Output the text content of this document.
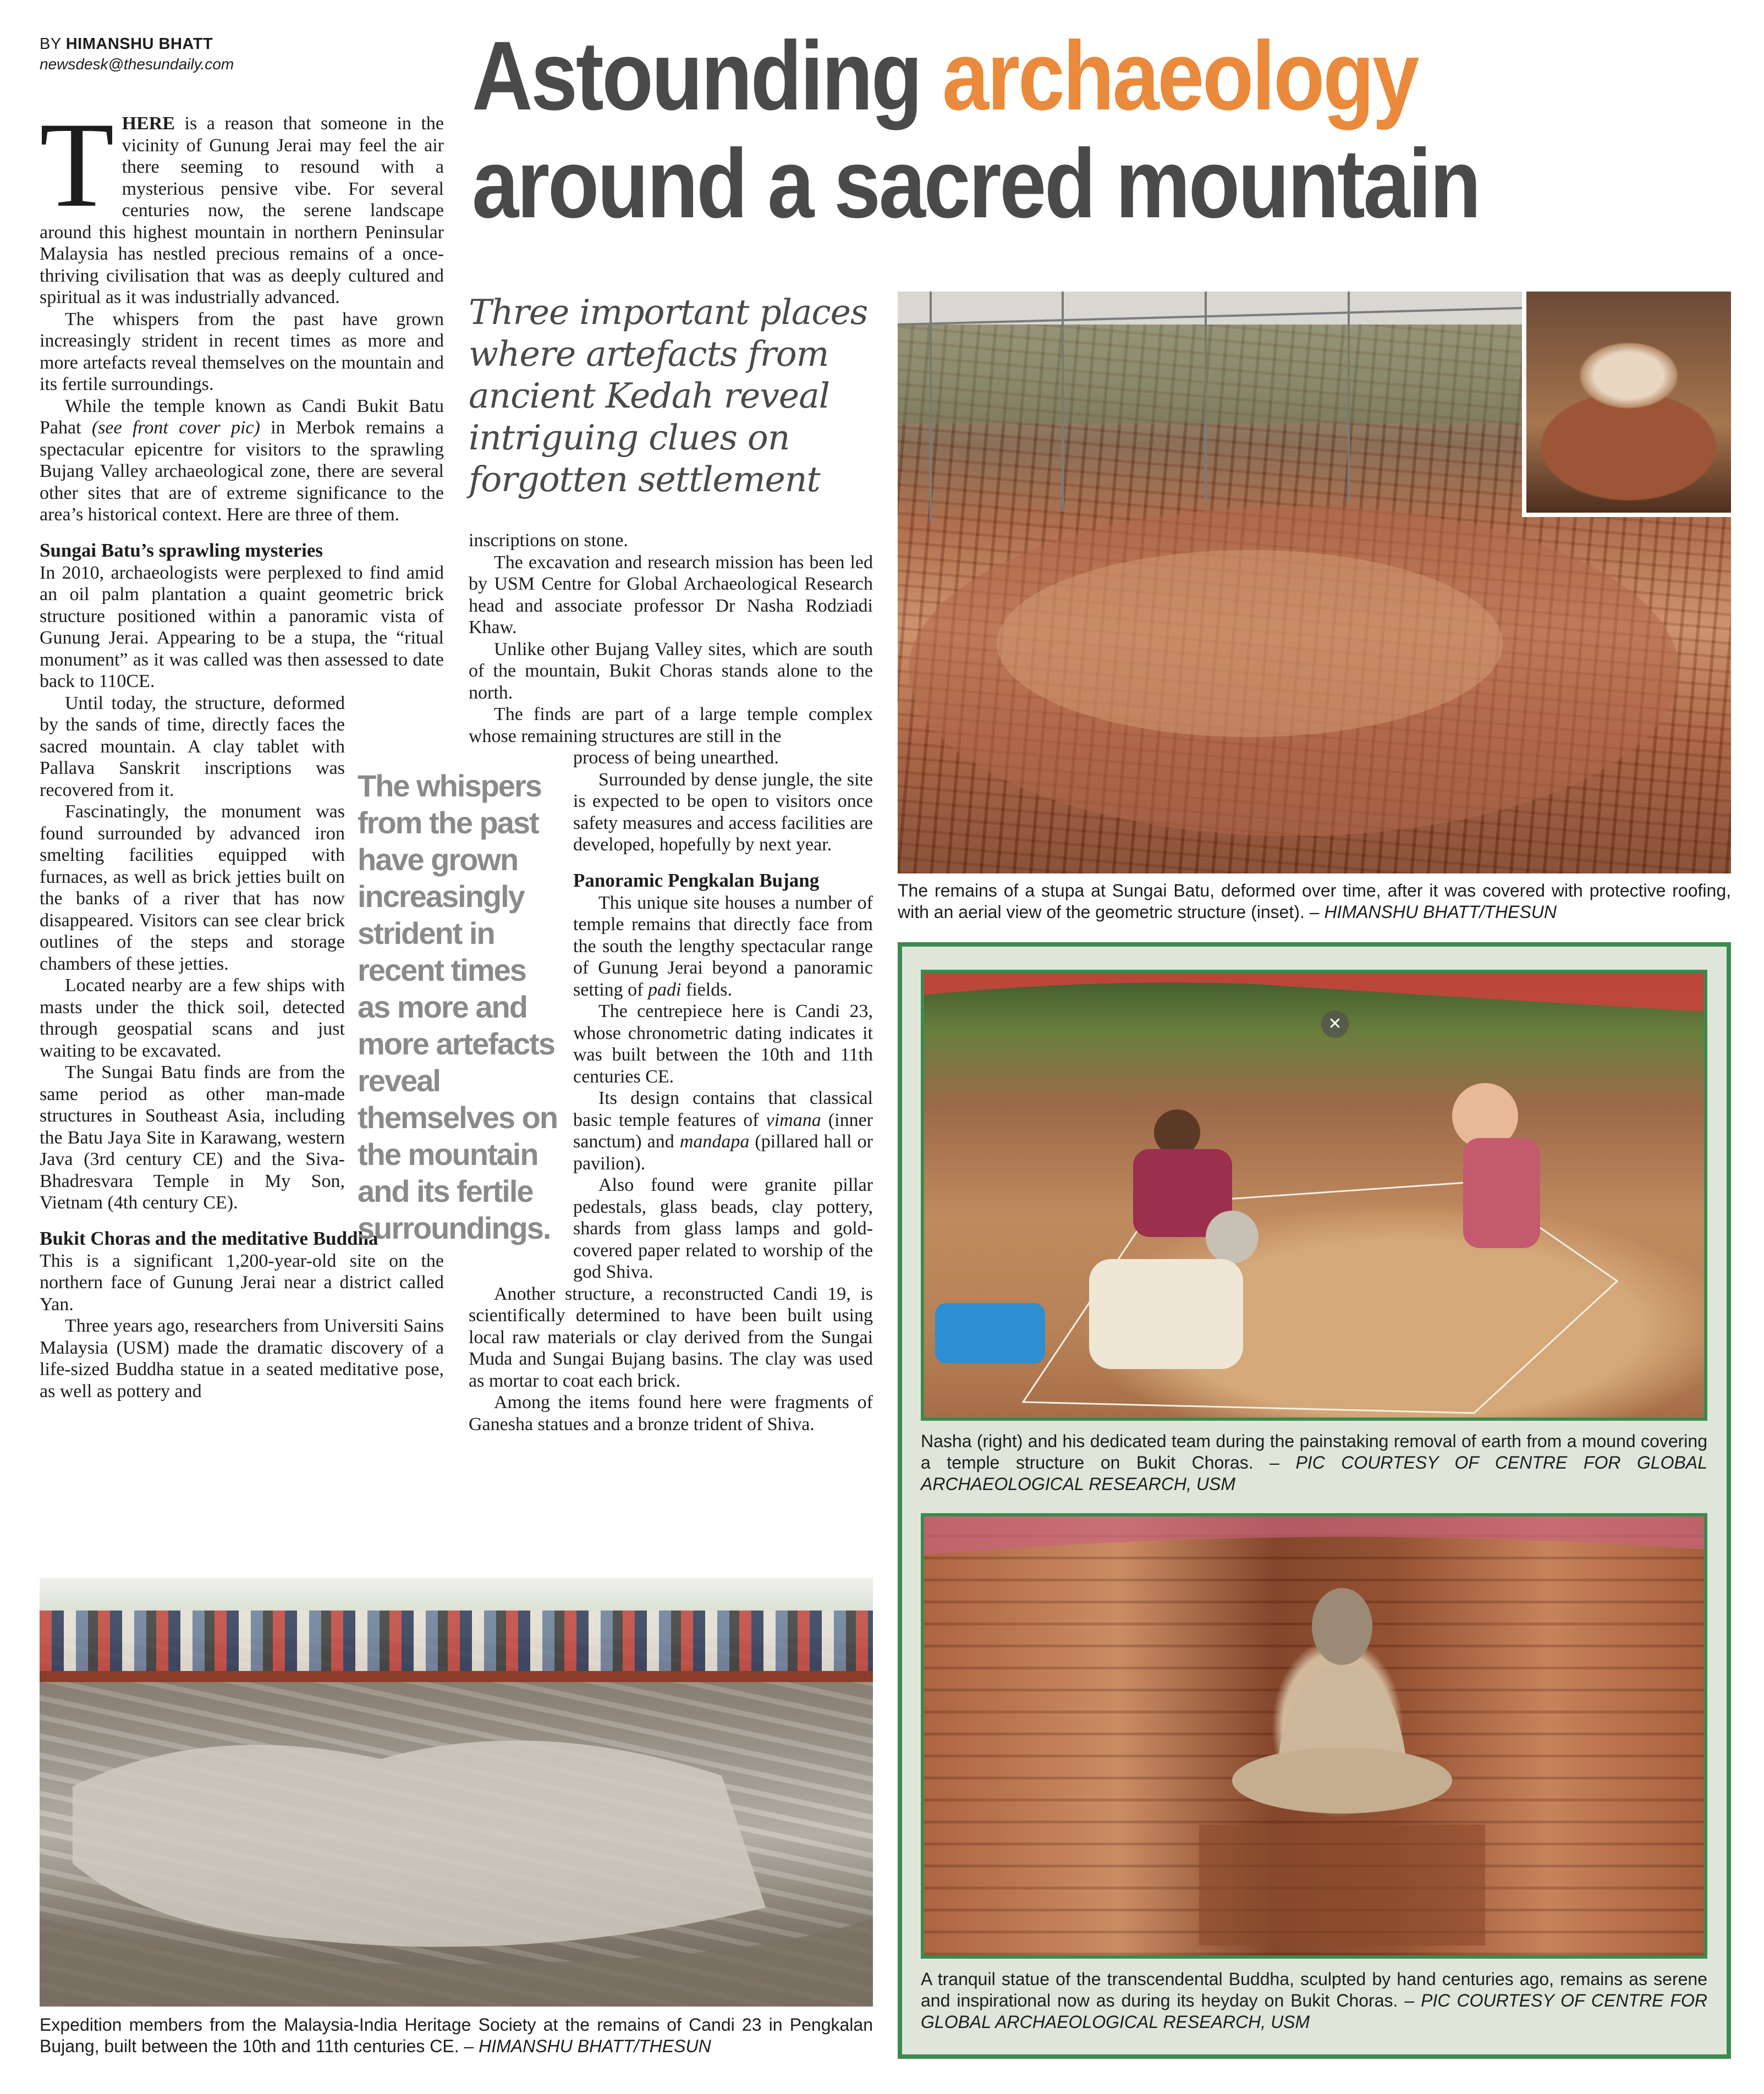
BY HIMANSHU BHATT
newsdesk@thesundaily.com	Astounding archaeology
around a sacred mountain
Three important places where artefacts from ancient Kedah reveal intriguing clues on forgotten settlement

THERE is a reason that someone in the vicinity of Gunung Jerai may feel the air there seeming to resound with a mysterious pensive vibe. For several centuries now, the serene landscape around this highest mountain in northern Peninsular Malaysia has nestled precious remains of a once-thriving civilisation that was as deeply cultured and spiritual as it was industrially advanced.

The whispers from the past have grown increasingly strident in recent times as more and more artefacts reveal themselves on the mountain and its fertile surroundings.

While the temple known as Candi Bukit Batu Pahat (see front cover pic) in Merbok remains a spectacular epicentre for visitors to the sprawling Bujang Valley archaeological zone, there are several other sites that are of extreme significance to the area’s historical context. Here are three of them.

Sungai Batu’s sprawling mysteries

In 2010, archaeologists were perplexed to find amid an oil palm plantation a quaint geometric brick structure positioned within a panoramic vista of Gunung Jerai. Appearing to be a stupa, the “ritual monument” as it was called was then assessed to date back to 110CE.

Until today, the structure, deformed by the sands of time, directly faces the sacred mountain. A clay tablet with Pallava Sanskrit inscriptions was recovered from it.

Fascinatingly, the monument was found surrounded by advanced iron smelting facilities equipped with furnaces, as well as brick jetties built on the banks of a river that has now disappeared. Visitors can see clear brick outlines of the steps and storage chambers of these jetties.

Located nearby are a few ships with masts under the thick soil, detected through geospatial scans and just waiting to be excavated.

The Sungai Batu finds are from the same period as other man-made structures in Southeast Asia, including the Batu Jaya Site in Karawang, western Java (3rd century CE) and the Siva-Bhadresvara Temple in My Son, Vietnam (4th century CE).

Bukit Choras and the meditative Buddha

This is a significant 1,200-year-old site on the northern face of Gunung Jerai near a district called Yan.

Three years ago, researchers from Universiti Sains Malaysia (USM) made the dramatic discovery of a life-sized Buddha statue in a seated meditative pose, as well as pottery and

The whispers from the past have grown increasingly strident in recent times as more and more artefacts reveal themselves on the mountain and its fertile surroundings.

inscriptions on stone.

The excavation and research mission has been led by USM Centre for Global Archaeological Research head and associate professor Dr Nasha Rodziadi Khaw.

Unlike other Bujang Valley sites, which are south of the mountain, Bukit Choras stands alone to the north.

The finds are part of a large temple complex whose remaining structures are still in the

process of being unearthed.

Surrounded by dense jungle, the site is expected to be open to visitors once safety measures and access facilities are developed, hopefully by next year.

Panoramic Pengkalan Bujang

This unique site houses a number of temple remains that directly face from the south the lengthy spectacular range of Gunung Jerai beyond a panoramic setting of padi fields.

The centrepiece here is Candi 23, whose chronometric dating indicates it was built between the 10th and 11th centuries CE.

Its design contains that classical basic temple features of vimana (inner sanctum) and mandapa (pillared hall or pavilion).

Also found were granite pillar pedestals, glass beads, clay pottery, shards from glass lamps and gold-covered paper related to worship of the god Shiva.

Another structure, a reconstructed Candi 19, is scientifically determined to have been built using local raw materials or clay derived from the Sungai Muda and Sungai Bujang basins. The clay was used as mortar to coat each brick.

Among the items found here were fragments of Ganesha statues and a bronze trident of Shiva.

The remains of a stupa at Sungai Batu, deformed over time, after it was covered with protective roofing, with an aerial view of the geometric structure (inset). – HIMANSHU BHATT/THESUN
✕
Nasha (right) and his dedicated team during the painstaking removal of earth from a mound covering a temple structure on Bukit Choras. – PIC COURTESY OF CENTRE FOR GLOBAL ARCHAEOLOGICAL RESEARCH, USM
A tranquil statue of the transcendental Buddha, sculpted by hand centuries ago, remains as serene and inspirational now as during its heyday on Bukit Choras. – PIC COURTESY OF CENTRE FOR GLOBAL ARCHAEOLOGICAL RESEARCH, USM
Expedition members from the Malaysia-India Heritage Society at the remains of Candi 23 in Pengkalan Bujang, built between the 10th and 11th centuries CE. – HIMANSHU BHATT/THESUN
